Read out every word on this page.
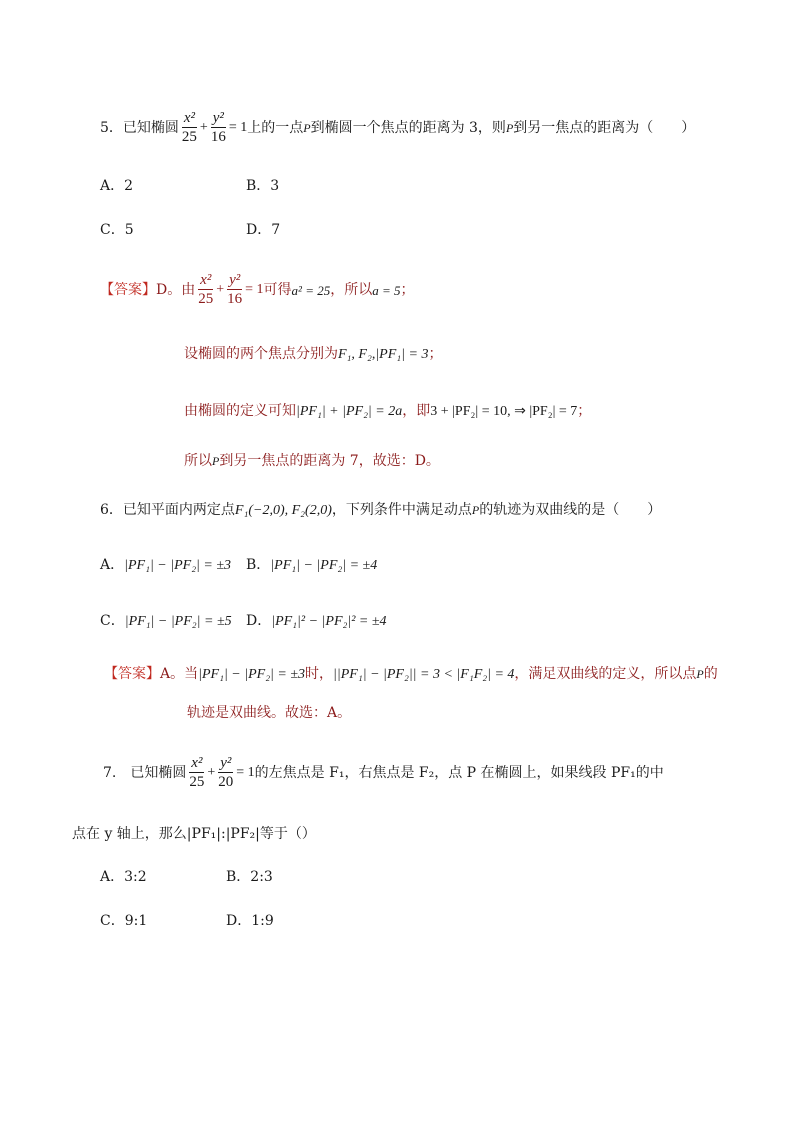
5．已知椭圆 $\frac{\text{x²}}{25} + \frac{\text{y²}}{16} = 1$ 上的一点 P 到椭圆一个焦点的距离为 3，则 P 到另一焦点的距离为（　　）
A．2	B．3
C．5	D．7
【答案】 D。由 $\frac{\text{x²}}{25} + \frac{\text{y²}}{16} = 1$ 可得 a² = 25 ，所以 a = 5 ；
设椭圆的两个焦点分别为 F₁, F₂,|PF₁| = 3 ；
由椭圆的定义可知 |PF₁| + |PF₂| = 2a ，即 3 + |PF₂| = 10, ⇒ |PF₂| = 7 ；
所以 P 到另一焦点的距离为 7，故选：D。
6．已知平面内两定点 F₁(−2,0), F₂(2,0) ，下列条件中满足动点 P 的轨迹为双曲线的是（　　）
A．|PF₁| − |PF₂| = ±3 B．|PF₁| − |PF₂| = ±4
C．|PF₁| − |PF₂| = ±5 D．|PF₁|² − |PF₂|² = ±4
【答案】 A。当 |PF₁| − |PF₂| = ±3 时， ||PF₁| − |PF₂|| = 3 < |F₁F₂| = 4 ，满足双曲线的定义，所以点 P 的
轨迹是双曲线。故选：A。
7.　已知椭圆 $\frac{\text{x²}}{25} + \frac{\text{y²}}{20} = 1$ 的左焦点是 F₁，右焦点是 F₂，点 P 在椭圆上，如果线段 PF₁的中
点在 y 轴上，那么|PF₁|:|PF₂|等于（）
A．3:2	B．2:3
C．9:1	D．1:9
